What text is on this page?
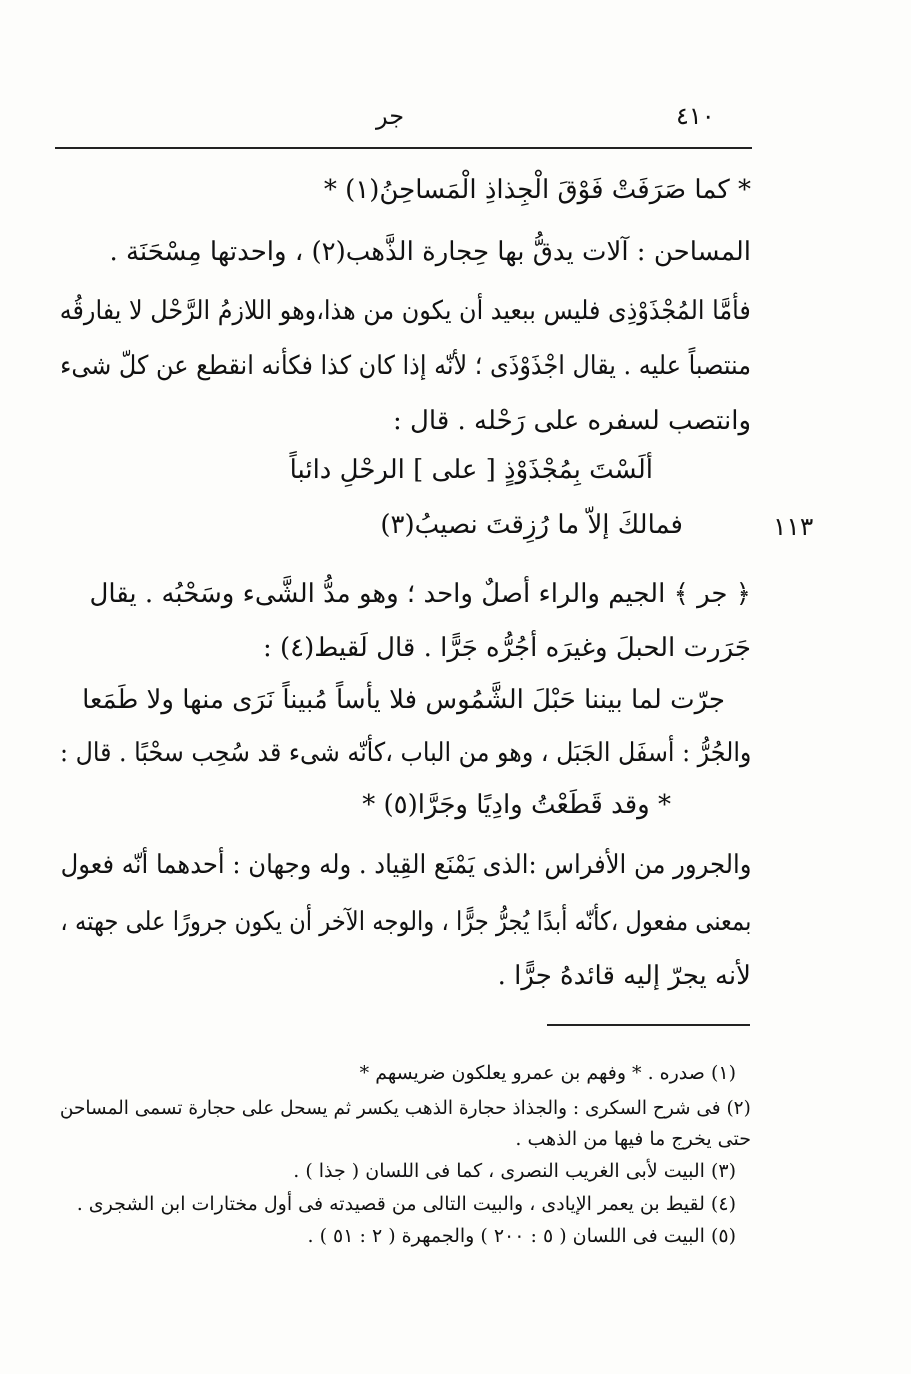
٤١٠
جر
١١٣
* كما صَرَفَتْ فَوْقَ الْجِذاذِ الْمَساحِنُ(١) *
المساحن : آلات يدقُّ بها حِجارة الذَّهب(٢) ، واحدتها مِسْحَنَة .
فأمَّا المُجْذَوْذِى فليس ببعيد أن يكون من هذا،وهو اللازمُ الرَّحْل لا يفارقُه
منتصباً عليه . يقال اجْذَوْذَى ؛ لأنّه إذا كان كذا فكأنه انقطع عن كلّ شىء
وانتصب لسفره على رَحْله . قال :
ألَسْتَ بِمُجْذَوْذٍ [ على ] الرحْلِ دائباً
فمالكَ إلاّ ما رُزِقتَ نصيبُ(٣)
﴿ جر ﴾ الجيم والراء أصلٌ واحد ؛ وهو مدُّ الشَّىء وسَحْبُه . يقال
جَرَرت الحبلَ وغيرَه أجُرُّه جَرًّا . قال لَقيط(٤) :
جرّت لما بيننا حَبْلَ الشَّمُوس فلا يأساً مُبيناً نَرَى منها ولا طَمَعا
والجُرُّ : أسفَل الجَبَل ، وهو من الباب ،كأنّه شىء قد سُحِب سحْبًا . قال :
* وقد قَطَعْتُ وادِيًا وجَرَّا(٥) *
والجرور من الأفراس :الذى يَمْنَع القِياد . وله وجهان : أحدهما أنّه فعول
بمعنى مفعول ،كأنّه أبدًا يُجرُّ جرًّا ، والوجه الآخر أن يكون جرورًا على جهته ،
لأنه يجرّ إليه قائدهُ جرًّا .
(١) صدره . * وفهم بن عمرو يعلكون ضريسهم *
(٢) فى شرح السكرى : والجذاذ حجارة الذهب يكسر ثم يسحل على حجارة تسمى المساحن
حتى يخرج ما فيها من الذهب .
(٣) البيت لأبى الغريب النصرى ، كما فى اللسان ( جذا ) .
(٤) لقيط بن يعمر الإيادى ، والبيت التالى من قصيدته فى أول مختارات ابن الشجرى .
(٥) البيت فى اللسان ( ٥ : ٢٠٠ ) والجمهرة ( ٢ : ٥١ ) .
